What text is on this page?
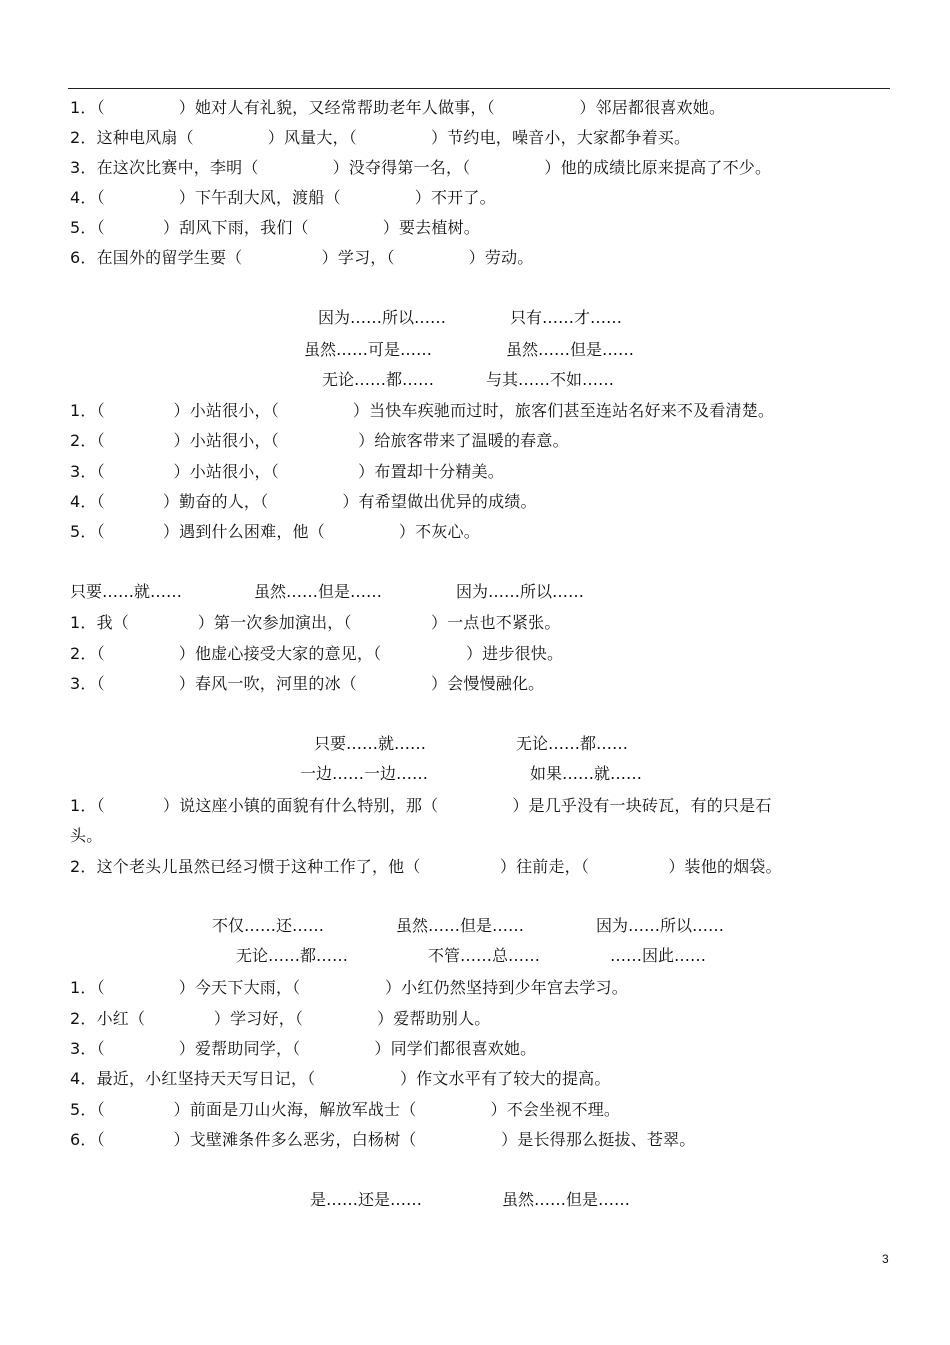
1．（              ）她对人有礼貌，又经常帮助老年人做事，（                ）邻居都很喜欢她。
2．这种电风扇（              ）风量大，（              ）节约电，噪音小，大家都争着买。
3．在这次比赛中，李明（              ）没夺得第一名，（              ）他的成绩比原来提高了不少。
4．（              ）下午刮大风，渡船（              ）不开了。
5．（           ）刮风下雨，我们（              ）要去植树。
6．在国外的留学生要（               ）学习，（              ）劳动。
因为……所以……	只有……才……
虽然……可是……	虽然……但是……
无论……都……	与其……不如……
1．（             ）小站很小，（              ）当快车疾驰而过时，旅客们甚至连站名好来不及看清楚。
2．（             ）小站很小，（               ）给旅客带来了温暖的春意。
3．（             ）小站很小，（               ）布置却十分精美。
4．（           ）勤奋的人，（              ）有希望做出优异的成绩。
5．（           ）遇到什么困难，他（              ）不灰心。
只要……就……	虽然……但是……	因为……所以……
1．我（             ）第一次参加演出，（               ）一点也不紧张。
2．（              ）他虚心接受大家的意见，（                ）进步很快。
3．（              ）春风一吹，河里的冰（              ）会慢慢融化。
只要……就……	无论……都……
一边……一边……	如果……就……
1．（           ）说这座小镇的面貌有什么特别，那（              ）是几乎没有一块砖瓦，有的只是石
头。
2．这个老头儿虽然已经习惯于这种工作了，他（               ）往前走，（               ）装他的烟袋。
不仅……还……	虽然……但是……	因为……所以……
无论……都……	不管……总……	……因此……
1．（              ）今天下大雨，（                ）小红仍然坚持到少年宫去学习。
2．小红（             ）学习好，（              ）爱帮助别人。
3．（              ）爱帮助同学，（              ）同学们都很喜欢她。
4．最近，小红坚持天天写日记，（                ）作文水平有了较大的提高。
5．（             ）前面是刀山火海，解放军战士（              ）不会坐视不理。
6．（             ）戈壁滩条件多么恶劣，白杨树（                ）是长得那么挺拔、苍翠。
是……还是……	虽然……但是……
3
